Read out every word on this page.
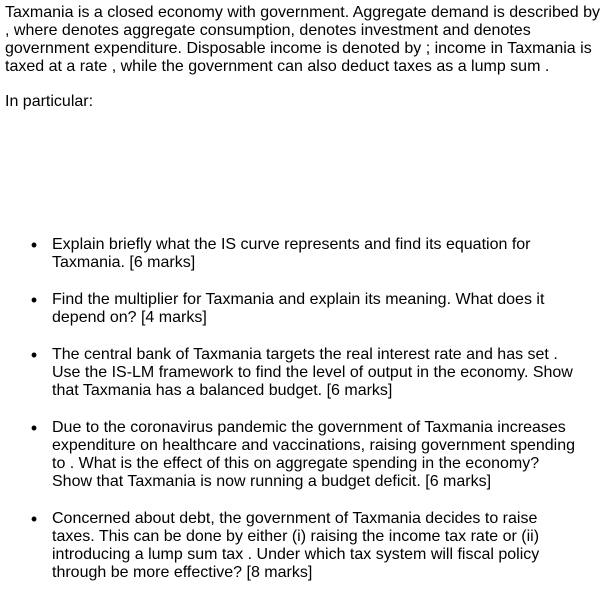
Taxmania is a closed economy with government. Aggregate demand is described by , where denotes aggregate consumption, denotes investment and denotes government expenditure. Disposable income is denoted by ; income in Taxmania is taxed at a rate , while the government can also deduct taxes as a lump sum .

In particular:

• Explain briefly what the IS curve represents and find its equation for Taxmania. [6 marks]
• Find the multiplier for Taxmania and explain its meaning. What does it depend on? [4 marks]
• The central bank of Taxmania targets the real interest rate and has set . Use the IS-LM framework to find the level of output in the economy. Show that Taxmania has a balanced budget. [6 marks]
• Due to the coronavirus pandemic the government of Taxmania increases expenditure on healthcare and vaccinations, raising government spending to . What is the effect of this on aggregate spending in the economy? Show that Taxmania is now running a budget deficit. [6 marks]
• Concerned about debt, the government of Taxmania decides to raise taxes. This can be done by either (i) raising the income tax rate or (ii) introducing a lump sum tax . Under which tax system will fiscal policy through be more effective? [8 marks]
